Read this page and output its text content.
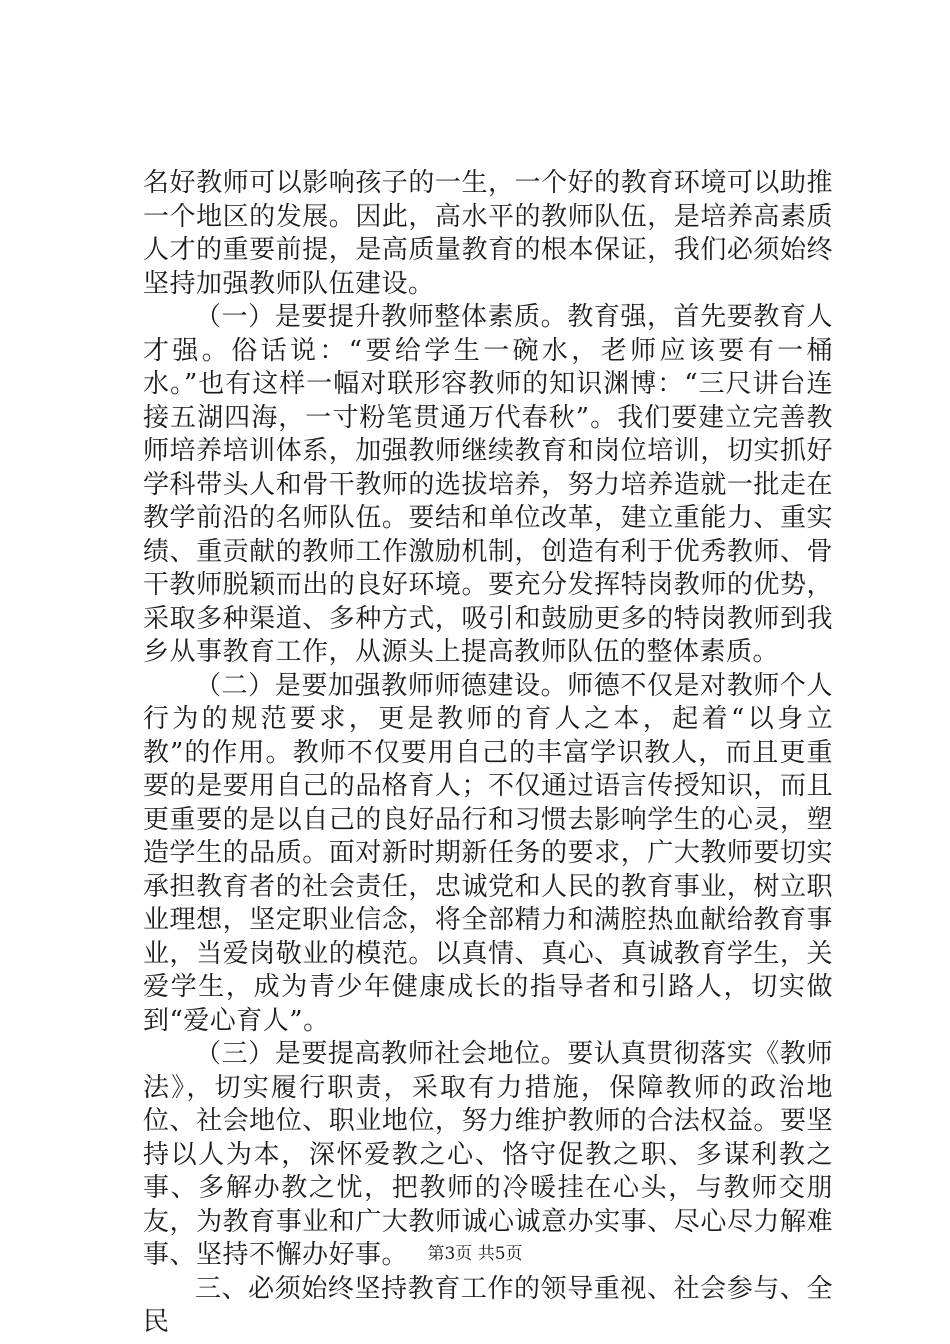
名好教师可以影响孩子的一生，一个好的教育环境可以助推一个地区的发展。因此，高水平的教师队伍，是培养高素质人才的重要前提，是高质量教育的根本保证，我们必须始终坚持加强教师队伍建设。

（一）是要提升教师整体素质。教育强，首先要教育人才强。俗话说：“要给学生一碗水，老师应该要有一桶水。”也有这样一幅对联形容教师的知识渊博：“三尺讲台连接五湖四海，一寸粉笔贯通万代春秋”。我们要建立完善教师培养培训体系，加强教师继续教育和岗位培训，切实抓好学科带头人和骨干教师的选拔培养，努力培养造就一批走在教学前沿的名师队伍。要结和单位改革，建立重能力、重实绩、重贡献的教师工作激励机制，创造有利于优秀教师、骨干教师脱颖而出的良好环境。要充分发挥特岗教师的优势，采取多种渠道、多种方式，吸引和鼓励更多的特岗教师到我乡从事教育工作，从源头上提高教师队伍的整体素质。

（二）是要加强教师师德建设。师德不仅是对教师个人行为的规范要求，更是教师的育人之本，起着“以身立教”的作用。教师不仅要用自己的丰富学识教人，而且更重要的是要用自己的品格育人；不仅通过语言传授知识，而且更重要的是以自己的良好品行和习惯去影响学生的心灵，塑造学生的品质。面对新时期新任务的要求，广大教师要切实承担教育者的社会责任，忠诚党和人民的教育事业，树立职业理想，坚定职业信念，将全部精力和满腔热血献给教育事业，当爱岗敬业的模范。以真情、真心、真诚教育学生，关爱学生，成为青少年健康成长的指导者和引路人，切实做到“爱心育人”。

（三）是要提高教师社会地位。要认真贯彻落实《教师法》，切实履行职责，采取有力措施，保障教师的政治地位、社会地位、职业地位，努力维护教师的合法权益。要坚持以人为本，深怀爱教之心、恪守促教之职、多谋利教之事、多解办教之忧，把教师的冷暖挂在心头，与教师交朋友，为教育事业和广大教师诚心诚意办实事、尽心尽力解难事、坚持不懈办好事。

三、必须始终坚持教育工作的领导重视、社会参与、全民

第3页 共5页
